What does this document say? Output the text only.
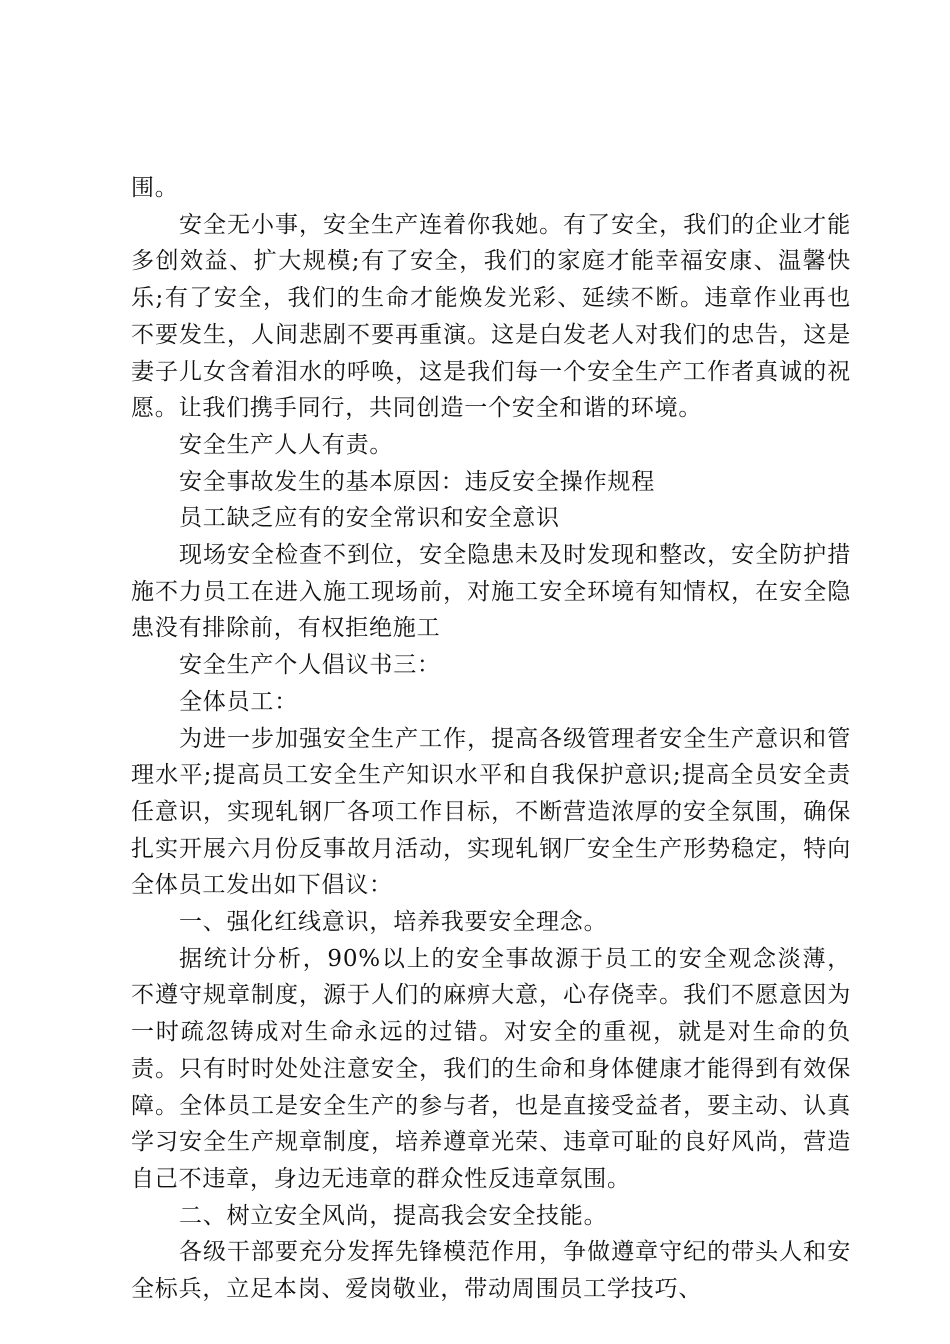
围。

安全无小事，安全生产连着你我她。有了安全，我们的企业才能多创效益、扩大规模;有了安全，我们的家庭才能幸福安康、温馨快乐;有了安全，我们的生命才能焕发光彩、延续不断。违章作业再也不要发生，人间悲剧不要再重演。这是白发老人对我们的忠告，这是妻子儿女含着泪水的呼唤，这是我们每一个安全生产工作者真诚的祝愿。让我们携手同行，共同创造一个安全和谐的环境。

安全生产人人有责。

安全事故发生的基本原因：违反安全操作规程

员工缺乏应有的安全常识和安全意识

现场安全检查不到位，安全隐患未及时发现和整改，安全防护措施不力员工在进入施工现场前，对施工安全环境有知情权，在安全隐患没有排除前，有权拒绝施工

安全生产个人倡议书三：

全体员工：

为进一步加强安全生产工作，提高各级管理者安全生产意识和管理水平;提高员工安全生产知识水平和自我保护意识;提高全员安全责任意识，实现轧钢厂各项工作目标，不断营造浓厚的安全氛围，确保扎实开展六月份反事故月活动，实现轧钢厂安全生产形势稳定，特向全体员工发出如下倡议：

一、强化红线意识，培养我要安全理念。

据统计分析，90%以上的安全事故源于员工的安全观念淡薄，不遵守规章制度，源于人们的麻痹大意，心存侥幸。我们不愿意因为一时疏忽铸成对生命永远的过错。对安全的重视，就是对生命的负责。只有时时处处注意安全，我们的生命和身体健康才能得到有效保障。全体员工是安全生产的参与者，也是直接受益者，要主动、认真学习安全生产规章制度，培养遵章光荣、违章可耻的良好风尚，营造自己不违章，身边无违章的群众性反违章氛围。

二、树立安全风尚，提高我会安全技能。

各级干部要充分发挥先锋模范作用，争做遵章守纪的带头人和安全标兵，立足本岗、爱岗敬业，带动周围员工学技巧、
